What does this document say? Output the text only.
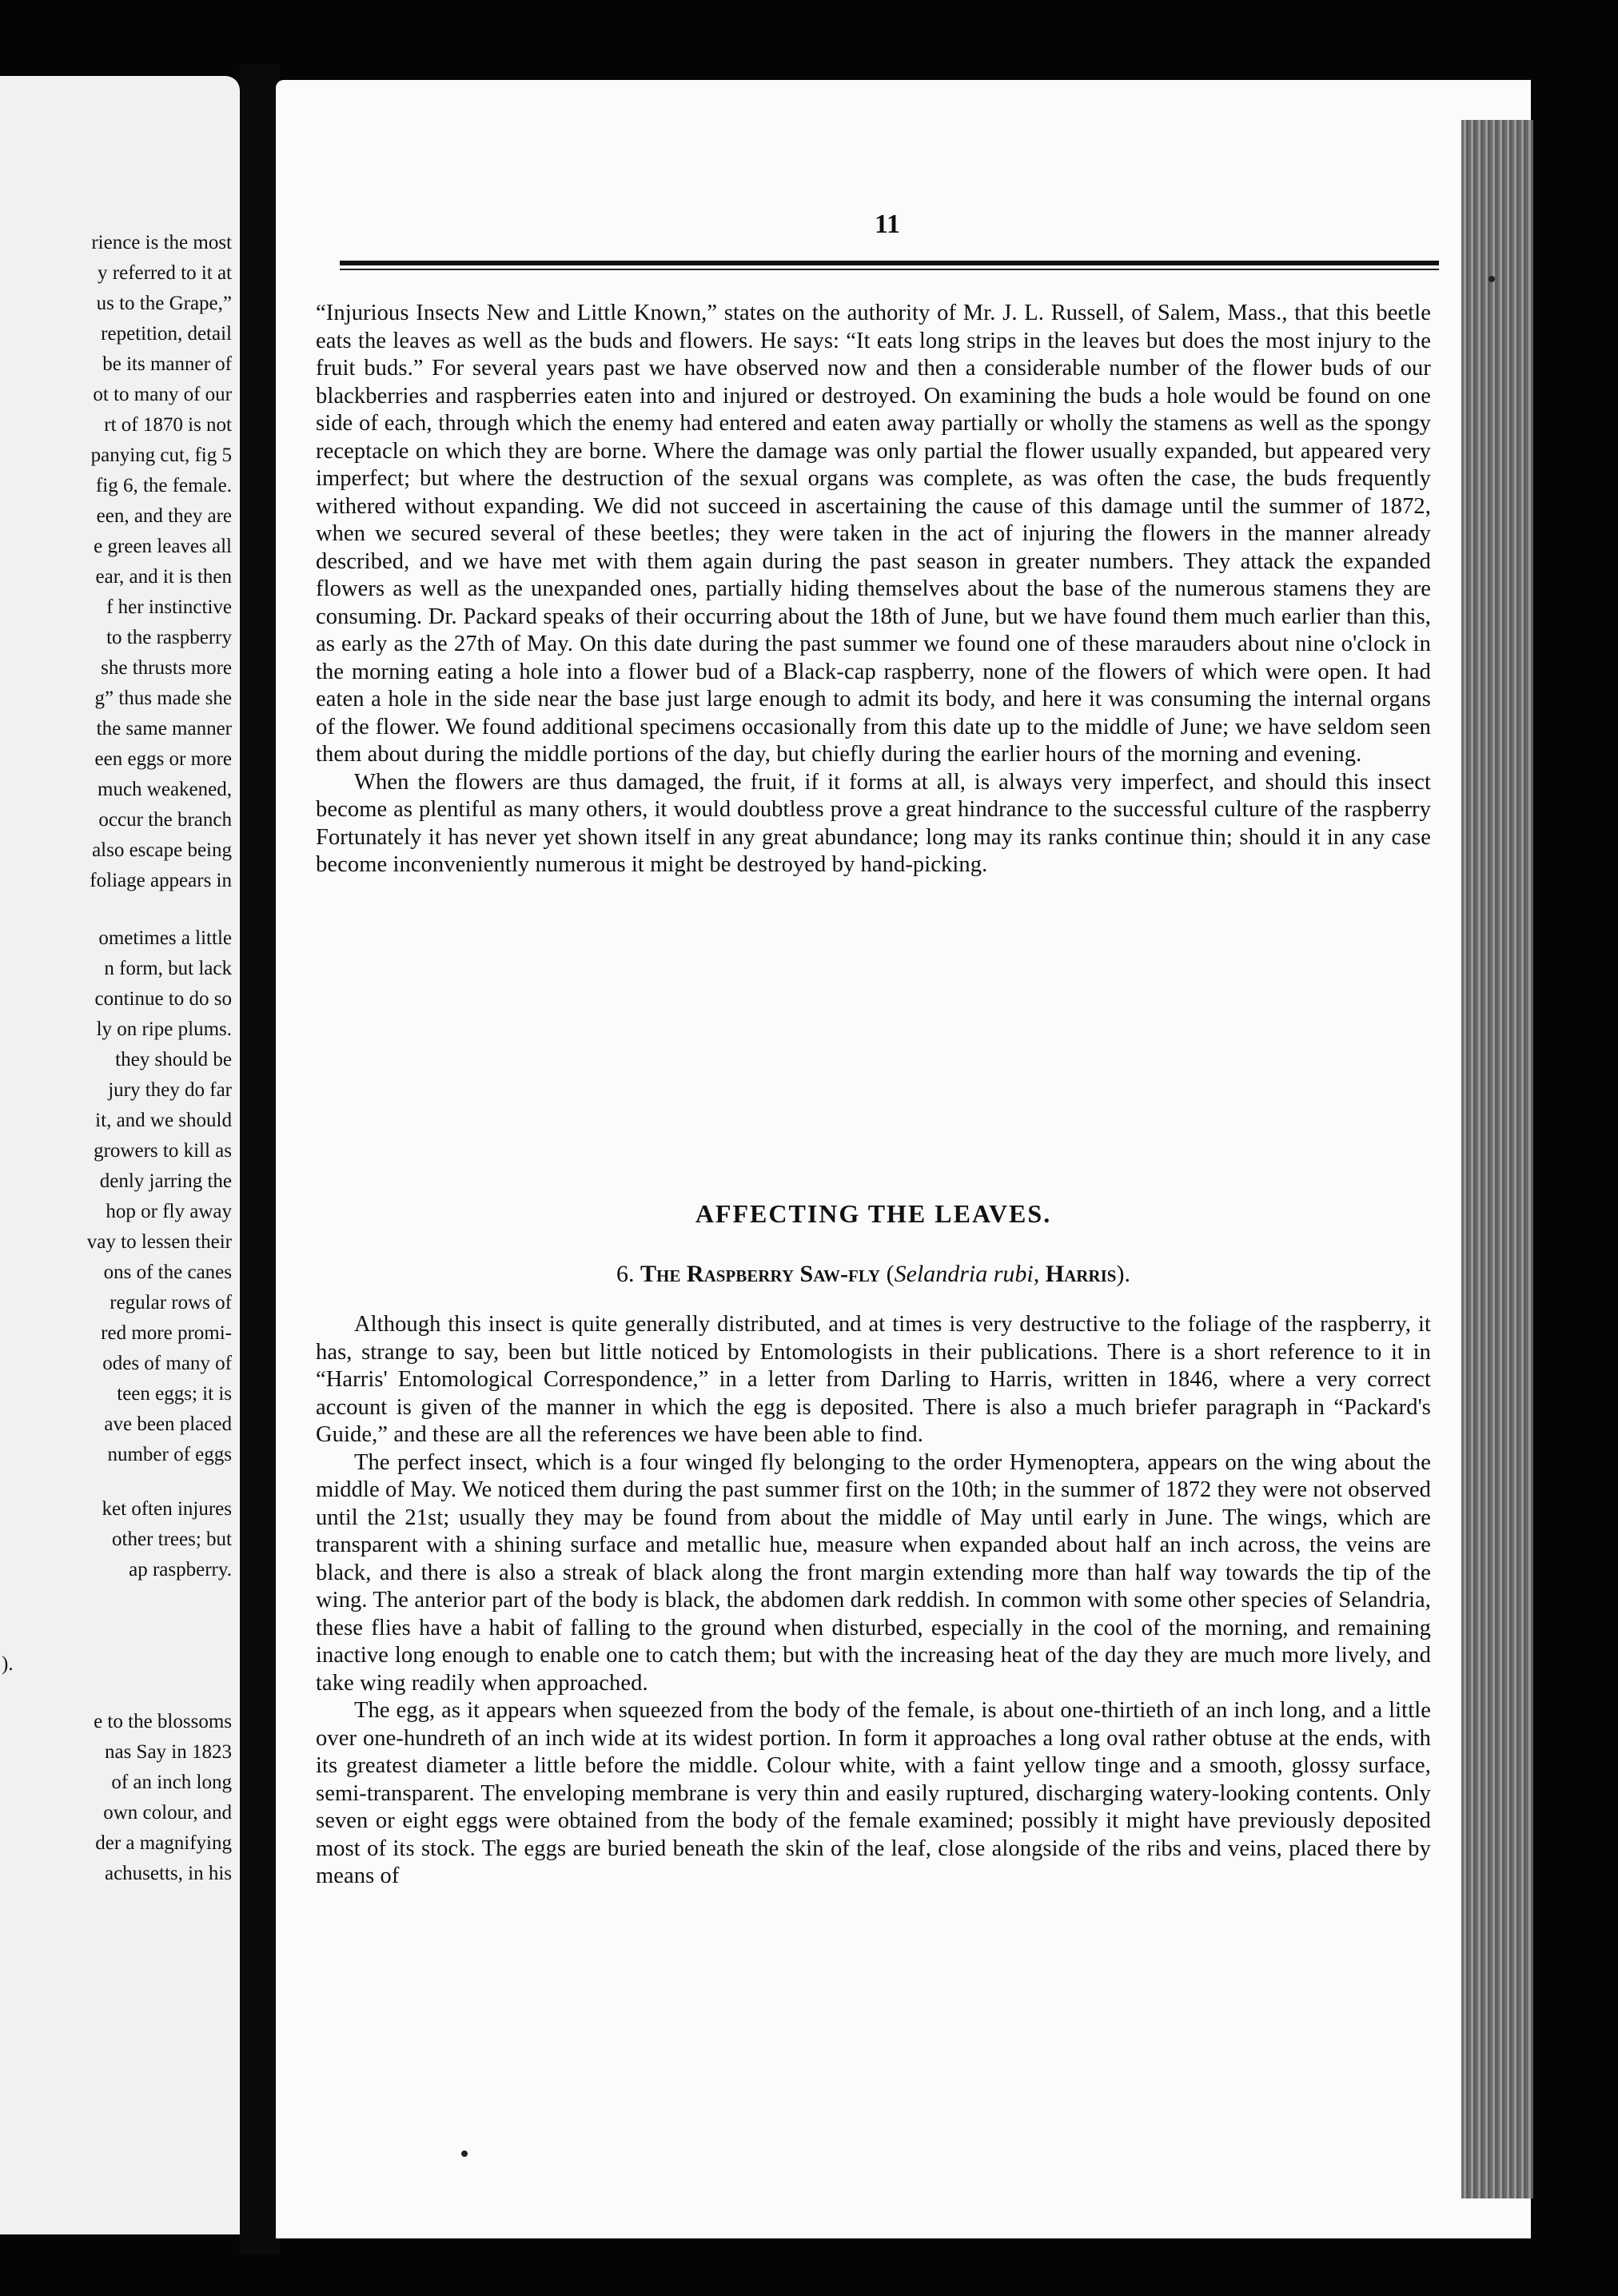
rience is the most
y referred to it at
us to the Grape,”
repetition, detail
be its manner of
ot to many of our
rt of 1870 is not
panying cut, fig 5
fig 6, the female.
een, and they are
e green leaves all
ear, and it is then
f her instinctive
to the raspberry
she thrusts more
g” thus made she
the same manner
een eggs or more
much weakened,
occur the branch
also escape being
foliage appears in
ometimes a little
n form, but lack
continue to do so
ly on ripe plums.
they should be
jury they do far
it, and we should
growers to kill as
denly jarring the
hop or fly away
vay to lessen their
ons of the canes
regular rows of
red more promi-
odes of many of
teen eggs; it is
ave been placed
number of eggs
ket often injures
other trees; but
ap raspberry.
).
e to the blossoms
nas Say in 1823
of an inch long
own colour, and
der a magnifying
achusetts, in his
11

“Injurious Insects New and Little Known,” states on the authority of Mr. J. L. Russell, of Salem, Mass., that this beetle eats the leaves as well as the buds and flowers. He says: “It eats long strips in the leaves but does the most injury to the fruit buds.” For several years past we have observed now and then a considerable number of the flower buds of our blackberries and raspberries eaten into and injured or destroyed. On examining the buds a hole would be found on one side of each, through which the enemy had entered and eaten away partially or wholly the stamens as well as the spongy receptacle on which they are borne. Where the damage was only partial the flower usually expanded, but appeared very imperfect; but where the destruction of the sexual organs was complete, as was often the case, the buds frequently withered without expanding. We did not succeed in ascertaining the cause of this damage until the summer of 1872, when we secured several of these beetles; they were taken in the act of injuring the flowers in the manner already described, and we have met with them again during the past season in greater numbers. They attack the expanded flowers as well as the unexpanded ones, partially hiding themselves about the base of the numerous stamens they are consuming. Dr. Packard speaks of their occurring about the 18th of June, but we have found them much earlier than this, as early as the 27th of May. On this date during the past summer we found one of these marauders about nine o'clock in the morning eating a hole into a flower bud of a Black-cap raspberry, none of the flowers of which were open. It had eaten a hole in the side near the base just large enough to admit its body, and here it was consuming the internal organs of the flower. We found additional specimens occasionally from this date up to the middle of June; we have seldom seen them about during the middle portions of the day, but chiefly during the earlier hours of the morning and evening.

When the flowers are thus damaged, the fruit, if it forms at all, is always very imperfect, and should this insect become as plentiful as many others, it would doubtless prove a great hindrance to the successful culture of the raspberry Fortunately it has never yet shown itself in any great abundance; long may its ranks continue thin; should it in any case become inconveniently numerous it might be destroyed by hand-picking.

AFFECTING THE LEAVES.
6. The Raspberry Saw-fly (Selandria rubi, Harris).

Although this insect is quite generally distributed, and at times is very destructive to the foliage of the raspberry, it has, strange to say, been but little noticed by Entomologists in their publications. There is a short reference to it in “Harris' Entomological Correspondence,” in a letter from Darling to Harris, written in 1846, where a very correct account is given of the manner in which the egg is deposited. There is also a much briefer paragraph in “Packard's Guide,” and these are all the references we have been able to find.

The perfect insect, which is a four winged fly belonging to the order Hymenoptera, appears on the wing about the middle of May. We noticed them during the past summer first on the 10th; in the summer of 1872 they were not observed until the 21st; usually they may be found from about the middle of May until early in June. The wings, which are transparent with a shining surface and metallic hue, measure when expanded about half an inch across, the veins are black, and there is also a streak of black along the front margin extending more than half way towards the tip of the wing. The anterior part of the body is black, the abdomen dark reddish. In common with some other species of Selandria, these flies have a habit of falling to the ground when disturbed, especially in the cool of the morning, and remaining inactive long enough to enable one to catch them; but with the increasing heat of the day they are much more lively, and take wing readily when approached.

The egg, as it appears when squeezed from the body of the female, is about one-thirtieth of an inch long, and a little over one-hundreth of an inch wide at its widest portion. In form it approaches a long oval rather obtuse at the ends, with its greatest diameter a little before the middle. Colour white, with a faint yellow tinge and a smooth, glossy surface, semi-transparent. The enveloping membrane is very thin and easily ruptured, discharging watery-looking contents. Only seven or eight eggs were obtained from the body of the female examined; possibly it might have previously deposited most of its stock. The eggs are buried beneath the skin of the leaf, close alongside of the ribs and veins, placed there by means of
